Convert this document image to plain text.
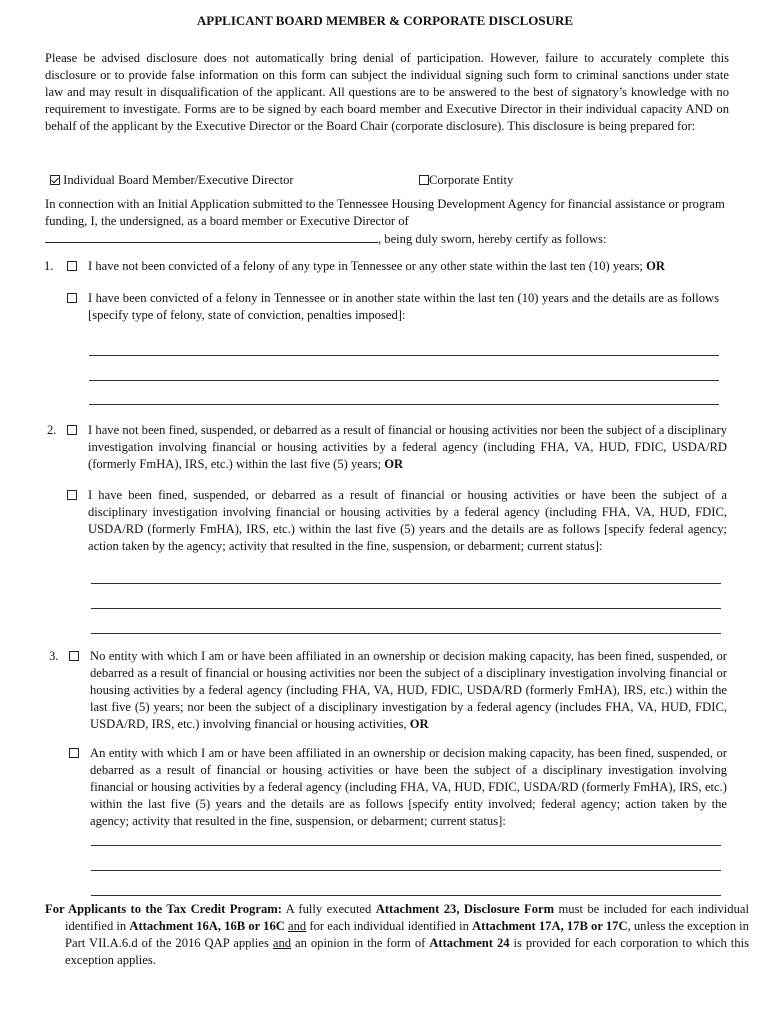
APPLICANT BOARD MEMBER & CORPORATE DISCLOSURE
Please be advised disclosure does not automatically bring denial of participation. However, failure to accurately complete this disclosure or to provide false information on this form can subject the individual signing such form to criminal sanctions under state law and may result in disqualification of the applicant. All questions are to be answered to the best of signatory’s knowledge with no requirement to investigate. Forms are to be signed by each board member and Executive Director in their individual capacity AND on behalf of the applicant by the Executive Director or the Board Chair (corporate disclosure). This disclosure is being prepared for:
Individual Board Member/Executive Director	Corporate Entity
In connection with an Initial Application submitted to the Tennessee Housing Development Agency for financial assistance or program funding, I, the undersigned, as a board member or Executive Director of
, being duly sworn, hereby certify as follows:
1.	I have not been convicted of a felony of any type in Tennessee or any other state within the last ten (10) years; OR
I have been convicted of a felony in Tennessee or in another state within the last ten (10) years and the details are as follows [specify type of felony, state of conviction, penalties imposed]:
2.	I have not been fined, suspended, or debarred as a result of financial or housing activities nor been the subject of a disciplinary investigation involving financial or housing activities by a federal agency (including FHA, VA, HUD, FDIC, USDA/RD (formerly FmHA), IRS, etc.) within the last five (5) years; OR
I have been fined, suspended, or debarred as a result of financial or housing activities or have been the subject of a disciplinary investigation involving financial or housing activities by a federal agency (including FHA, VA, HUD, FDIC, USDA/RD (formerly FmHA), IRS, etc.) within the last five (5) years and the details are as follows [specify federal agency; action taken by the agency; activity that resulted in the fine, suspension, or debarment; current status]:
3.	No entity with which I am or have been affiliated in an ownership or decision making capacity, has been fined, suspended, or debarred as a result of financial or housing activities nor been the subject of a disciplinary investigation involving financial or housing activities by a federal agency (including FHA, VA, HUD, FDIC, USDA/RD (formerly FmHA), IRS, etc.) within the last five (5) years; nor been the subject of a disciplinary investigation by a federal agency (includes FHA, VA, HUD, FDIC, USDA/RD, IRS, etc.) involving financial or housing activities, OR
An entity with which I am or have been affiliated in an ownership or decision making capacity, has been fined, suspended, or debarred as a result of financial or housing activities or have been the subject of a disciplinary investigation involving financial or housing activities by a federal agency (including FHA, VA, HUD, FDIC, USDA/RD (formerly FmHA), IRS, etc.) within the last five (5) years and the details are as follows [specify entity involved; federal agency; action taken by the agency; activity that resulted in the fine, suspension, or debarment; current status]:
For Applicants to the Tax Credit Program: A fully executed Attachment 23, Disclosure Form must be included for each individual identified in Attachment 16A, 16B or 16C and for each individual identified in Attachment 17A, 17B or 17C, unless the exception in Part VII.A.6.d of the 2016 QAP applies and an opinion in the form of Attachment 24 is provided for each corporation to which this exception applies.
